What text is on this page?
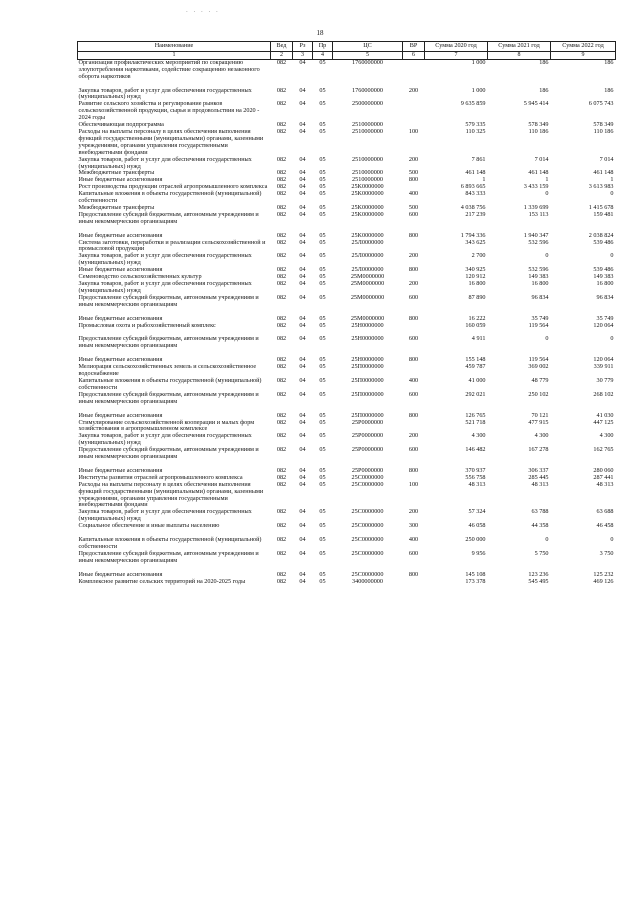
18
. . . . .
Наименование	Вед	Рз	Пр	ЦС	ВР	Сумма 2020 год	Сумма 2021 год	Сумма 2022 год
1	2	3	4	5	6	7	8	9
Организация профилактических мероприятий по сокращению злоупотребления наркотиками, содействие сокращению незаконного оборота наркотиков	082	04	05	1760000000		1 000	186	186

Закупка товаров, работ и услуг для обеспечения государственных (муниципальных) нужд	082	04	05	1760000000	200	1 000	186	186
Развитие сельского хозяйства и регулирование рынков сельскохозяйственной продукции, сырья и продовольствия на 2020 - 2024 годы	082	04	05	2500000000		9 635 859	5 945 414	6 075 743
Обеспечивающая подпрограмма	082	04	05	2510000000		579 335	578 349	578 349
Расходы на выплаты персоналу в целях обеспечения выполнения функций государственными (муниципальными) органами, казенными учреждениями, органами управления государственными внебюджетными фондами	082	04	05	2510000000	100	110 325	110 186	110 186
Закупка товаров, работ и услуг для обеспечения государственных (муниципальных) нужд	082	04	05	2510000000	200	7 861	7 014	7 014
Межбюджетные трансферты	082	04	05	2510000000	500	461 148	461 148	461 148
Иные бюджетные ассигнования	082	04	05	2510000000	800	1	1	1
Рост производства продукции отраслей агропромышленного комплекса	082	04	05	25K0000000		6 893 665	3 433 159	3 613 983
Капитальные вложения в объекты государственной (муниципальной) собственности	082	04	05	25K0000000	400	843 333	0	0
Межбюджетные трансферты	082	04	05	25K0000000	500	4 038 756	1 339 699	1 415 678
Предоставление субсидий бюджетным, автономным учреждениям и иным некоммерческим организациям	082	04	05	25K0000000	600	217 239	153 113	159 481

Иные бюджетные ассигнования	082	04	05	25K0000000	800	1 794 336	1 940 347	2 038 824
Система заготовки, переработки и реализации сельскохозяйственной и промысловой продукции	082	04	05	25Л0000000		343 625	532 596	539 486
Закупка товаров, работ и услуг для обеспечения государственных (муниципальных) нужд	082	04	05	25Л0000000	200	2 700	0	0
Иные бюджетные ассигнования	082	04	05	25Л0000000	800	340 925	532 596	539 486
Семеноводство сельскохозяйственных культур	082	04	05	25М0000000		120 912	149 383	149 383
Закупка товаров, работ и услуг для обеспечения государственных (муниципальных) нужд	082	04	05	25М0000000	200	16 800	16 800	16 800
Предоставление субсидий бюджетным, автономным учреждениям и иным некоммерческим организациям	082	04	05	25М0000000	600	87 890	96 834	96 834

Иные бюджетные ассигнования	082	04	05	25М0000000	800	16 222	35 749	35 749
Промысловая охота и рыбохозяйственный комплекс	082	04	05	25Н0000000		160 059	119 564	120 064

Предоставление субсидий бюджетным, автономным учреждениям и иным некоммерческим организациям	082	04	05	25Н0000000	600	4 911	0	0

Иные бюджетные ассигнования	082	04	05	25Н0000000	800	155 148	119 564	120 064
Мелиорация сельскохозяйственных земель и сельскохозяйственное водоснабжение	082	04	05	25П0000000		459 787	369 002	339 911
Капитальные вложения в объекты государственной (муниципальной) собственности	082	04	05	25П0000000	400	41 000	48 779	30 779
Предоставление субсидий бюджетным, автономным учреждениям и иным некоммерческим организациям	082	04	05	25П0000000	600	292 021	250 102	268 102

Иные бюджетные ассигнования	082	04	05	25П0000000	800	126 765	70 121	41 030
Стимулирование сельскохозяйственной кооперации и малых форм хозяйствования в агропромышленном комплексе	082	04	05	25Р0000000		521 718	477 915	447 125
Закупка товаров, работ и услуг для обеспечения государственных (муниципальных) нужд	082	04	05	25Р0000000	200	4 300	4 300	4 300
Предоставление субсидий бюджетным, автономным учреждениям и иным некоммерческим организациям	082	04	05	25Р0000000	600	146 482	167 278	162 765

Иные бюджетные ассигнования	082	04	05	25Р0000000	800	370 937	306 337	280 060
Институты развития отраслей агропромышленного комплекса	082	04	05	25С0000000		556 758	285 445	287 441
Расходы на выплаты персоналу в целях обеспечения выполнения функций государственными (муниципальными) органами, казенными учреждениями, органами управления государственными внебюджетными фондами	082	04	05	25С0000000	100	48 313	48 313	48 313
Закупка товаров, работ и услуг для обеспечения государственных (муниципальных) нужд	082	04	05	25С0000000	200	57 324	63 788	63 688
Социальное обеспечение и иные выплаты населению	082	04	05	25С0000000	300	46 058	44 358	46 458

Капитальные вложения в объекты государственной (муниципальной) собственности	082	04	05	25С0000000	400	250 000	0	0
Предоставление субсидий бюджетным, автономным учреждениям и иным некоммерческим организациям	082	04	05	25С0000000	600	9 956	5 750	3 750

Иные бюджетные ассигнования	082	04	05	25С0000000	800	145 108	123 236	125 232
Комплексное развитие сельских территорий на 2020-2025 годы	082	04	05	3400000000		173 378	545 495	469 126
